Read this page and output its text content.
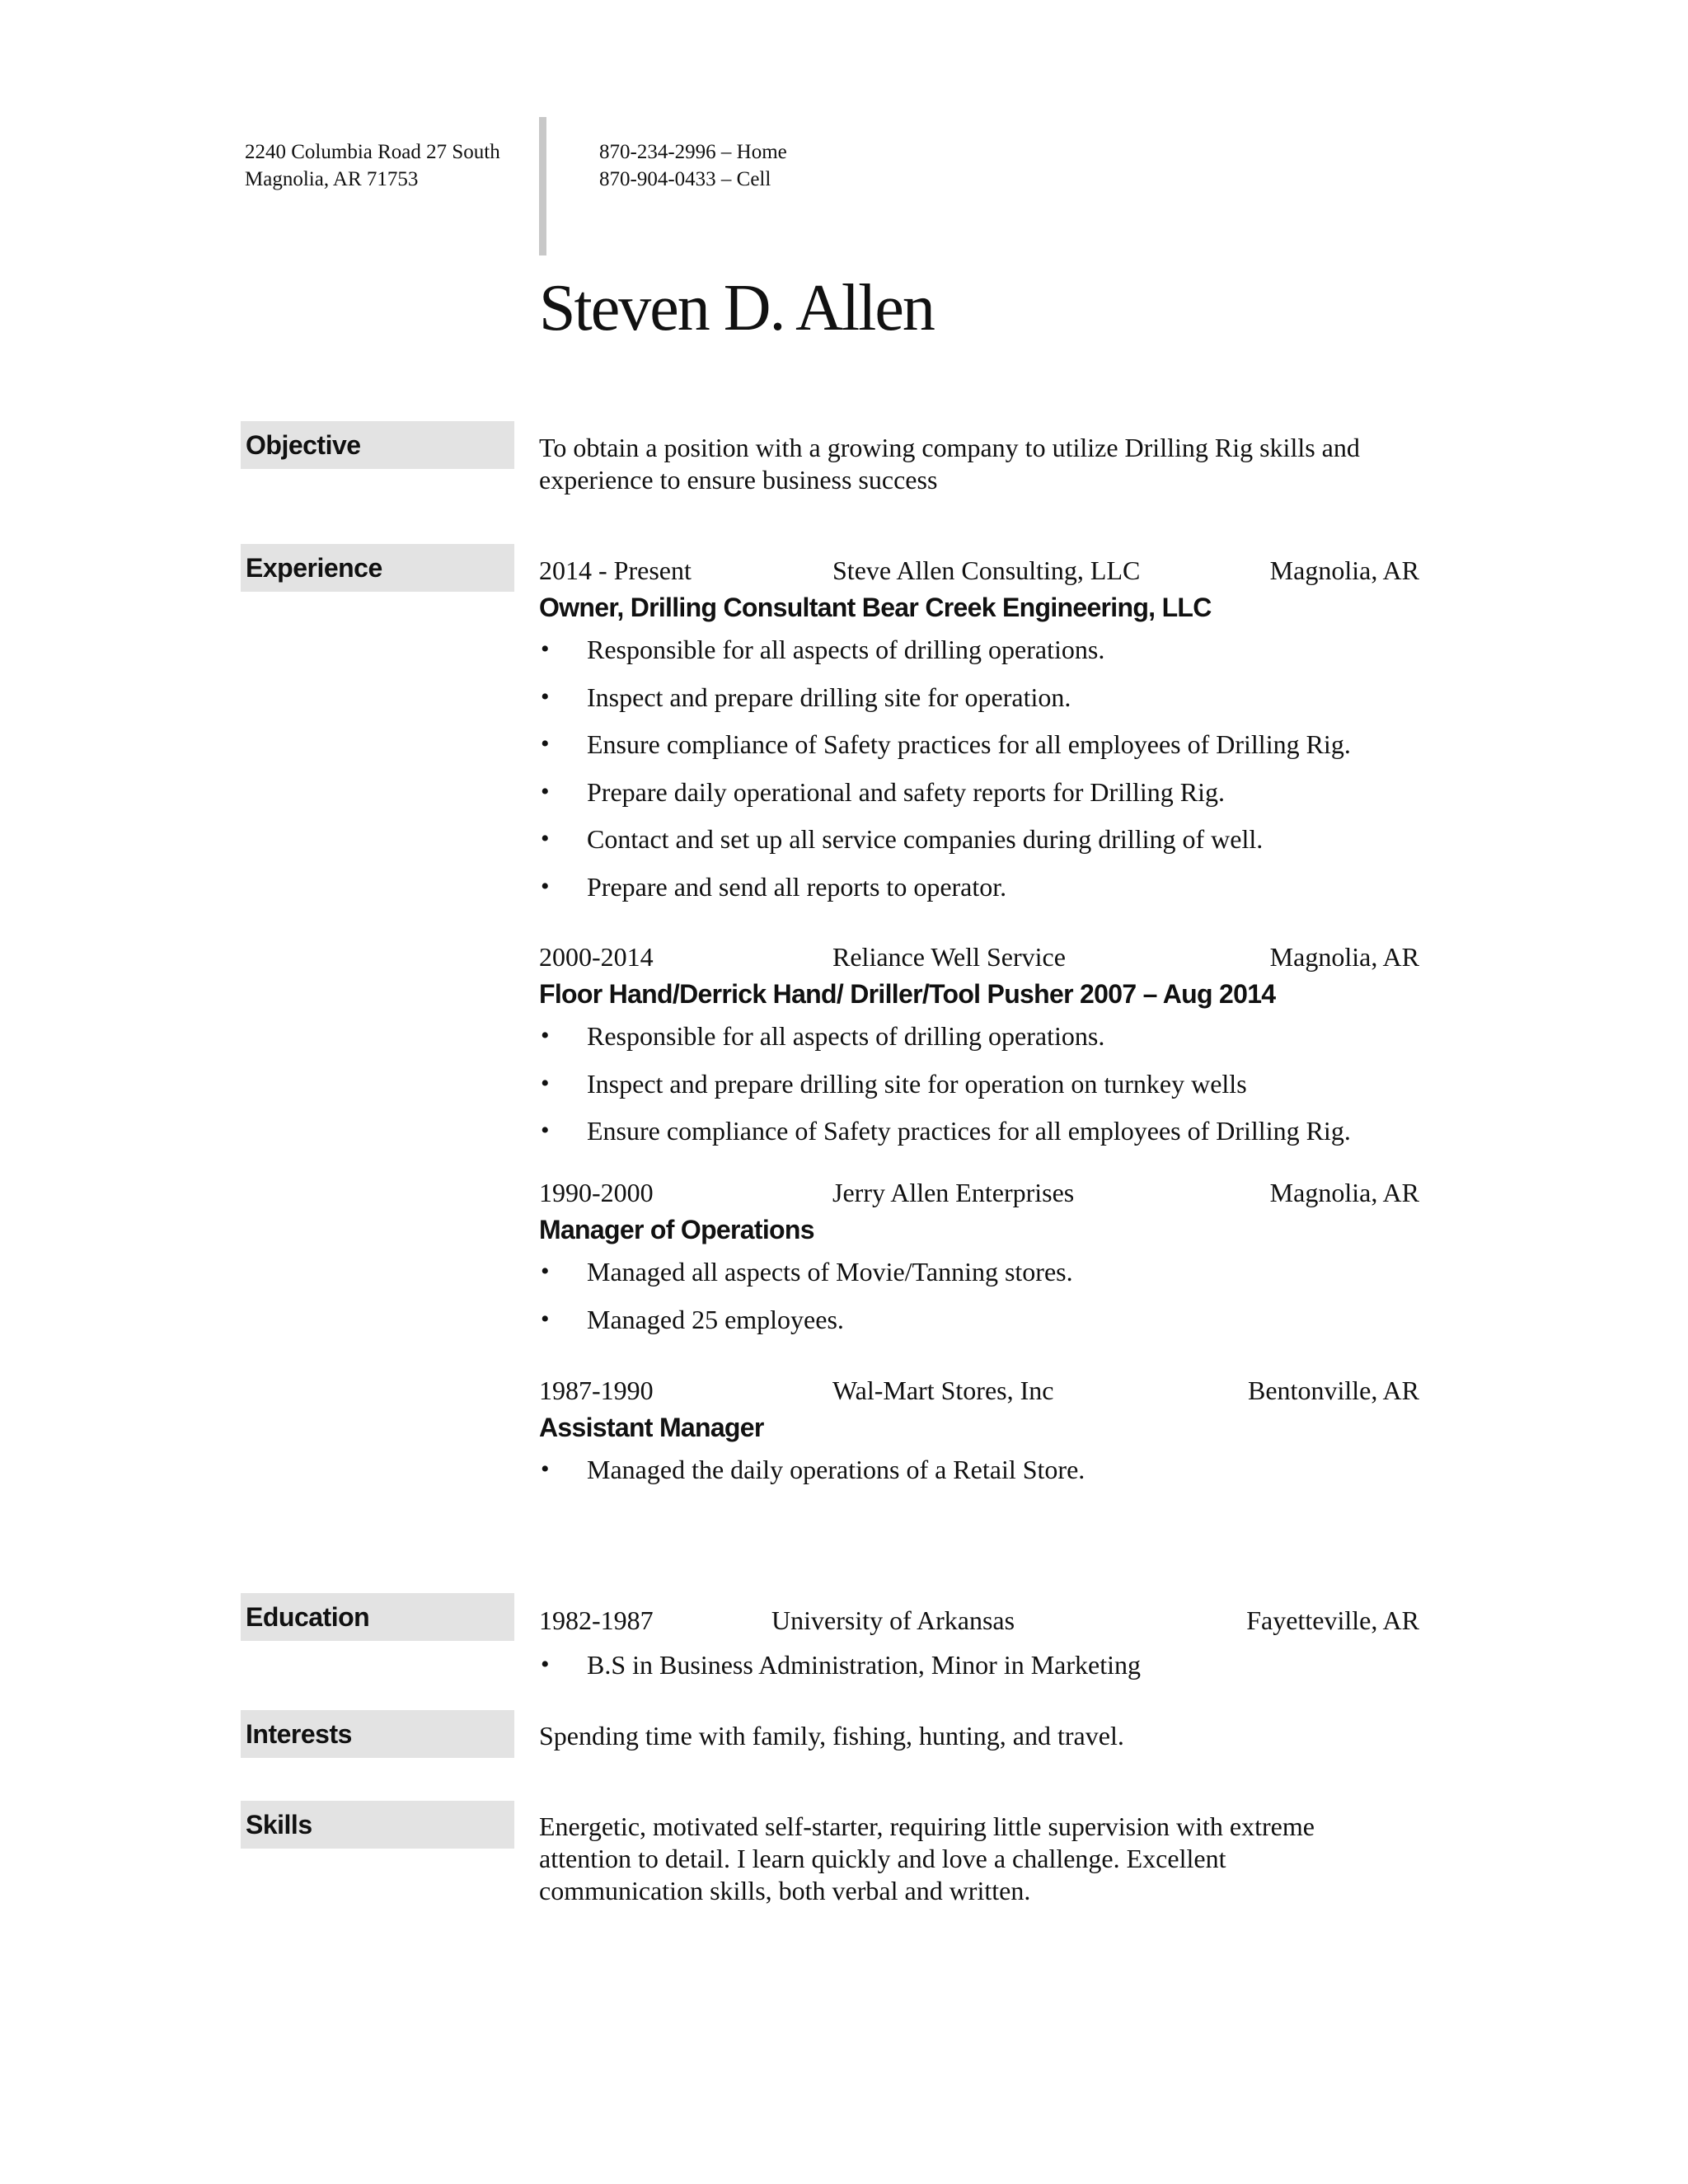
2240 Columbia Road 27 South
Magnolia, AR 71753
870-234-2996 – Home
870-904-0433 – Cell
Steven D. Allen
Objective	To obtain a position with a growing company to utilize Drilling Rig skills and
experience to ensure business success
Experience	2014 - Present	Steve Allen Consulting, LLC	Magnolia, AR
Owner, Drilling Consultant Bear Creek Engineering, LLC
• Responsible for all aspects of drilling operations.
• Inspect and prepare drilling site for operation.
• Ensure compliance of Safety practices for all employees of Drilling Rig.
• Prepare daily operational and safety reports for Drilling Rig.
• Contact and set up all service companies during drilling of well.
• Prepare and send all reports to operator.
2000-2014	Reliance Well Service	Magnolia, AR
Floor Hand/Derrick Hand/ Driller/Tool Pusher 2007 – Aug 2014
• Responsible for all aspects of drilling operations.
• Inspect and prepare drilling site for operation on turnkey wells
• Ensure compliance of Safety practices for all employees of Drilling Rig.
1990-2000	Jerry Allen Enterprises	Magnolia, AR
Manager of Operations
• Managed all aspects of Movie/Tanning stores.
• Managed 25 employees.
1987-1990	Wal-Mart Stores, Inc	Bentonville, AR
Assistant Manager
• Managed the daily operations of a Retail Store.
Education	1982-1987	University of Arkansas	Fayetteville, AR
• B.S in Business Administration, Minor in Marketing
Interests	Spending time with family, fishing, hunting, and travel.
Skills	Energetic, motivated self-starter, requiring little supervision with extreme
attention to detail. I learn quickly and love a challenge. Excellent
communication skills, both verbal and written.
